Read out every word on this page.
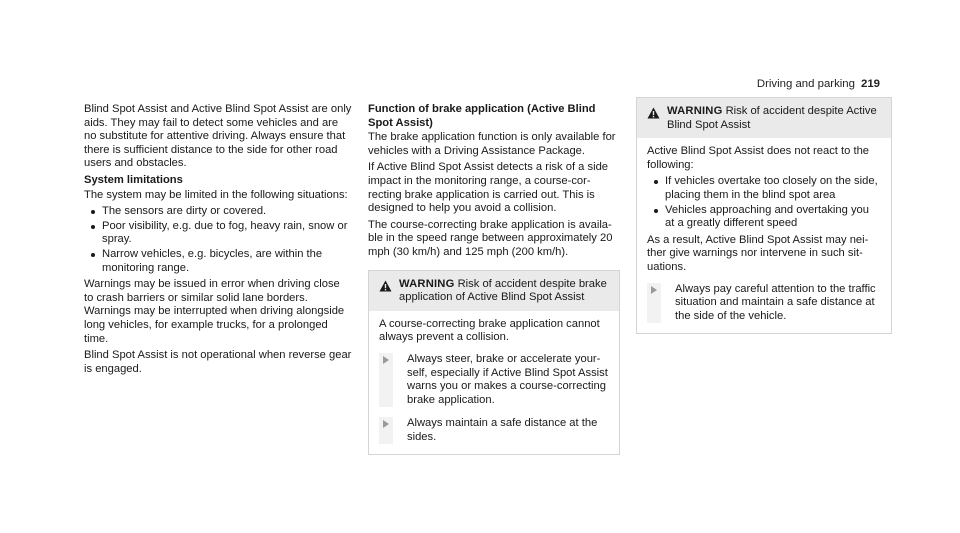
Driving and parking 219

Blind Spot Assist and Active Blind Spot Assist are only aids. They may fail to detect some vehicles and are no substitute for attentive driving. Always ensure that there is sufficient distance to the side for other road users and obstacles.

System limitations

The system may be limited in the following situations:

The sensors are dirty or covered.
Poor visibility, e.g. due to fog, heavy rain, snow or spray.
Narrow vehicles, e.g. bicycles, are within the monitoring range.

Warnings may be issued in error when driving close to crash barriers or similar solid lane borders. Warnings may be interrupted when driving alongside long vehicles, for example trucks, for a prolonged time.

Blind Spot Assist is not operational when reverse gear is engaged.

Function of brake application (Active Blind Spot Assist)

The brake application function is only available for vehicles with a Driving Assistance Package.

If Active Blind Spot Assist detects a risk of a side impact in the monitoring range, a course-correcting brake application is carried out. This is designed to help you avoid a collision.

The course-correcting brake application is available in the speed range between approximately 20 mph (30 km/h) and 125 mph (200 km/h).

WARNING Risk of accident despite brake application of Active Blind Spot Assist

A course-correcting brake application cannot always prevent a collision.

Always steer, brake or accelerate yourself, especially if Active Blind Spot Assist warns you or makes a course-correcting brake application.
Always maintain a safe distance at the sides.
WARNING Risk of accident despite Active Blind Spot Assist

Active Blind Spot Assist does not react to the following:

If vehicles overtake too closely on the side, placing them in the blind spot area
Vehicles approaching and overtaking you at a greatly different speed

As a result, Active Blind Spot Assist may neither give warnings nor intervene in such situations.

Always pay careful attention to the traffic situation and maintain a safe distance at the side of the vehicle.
